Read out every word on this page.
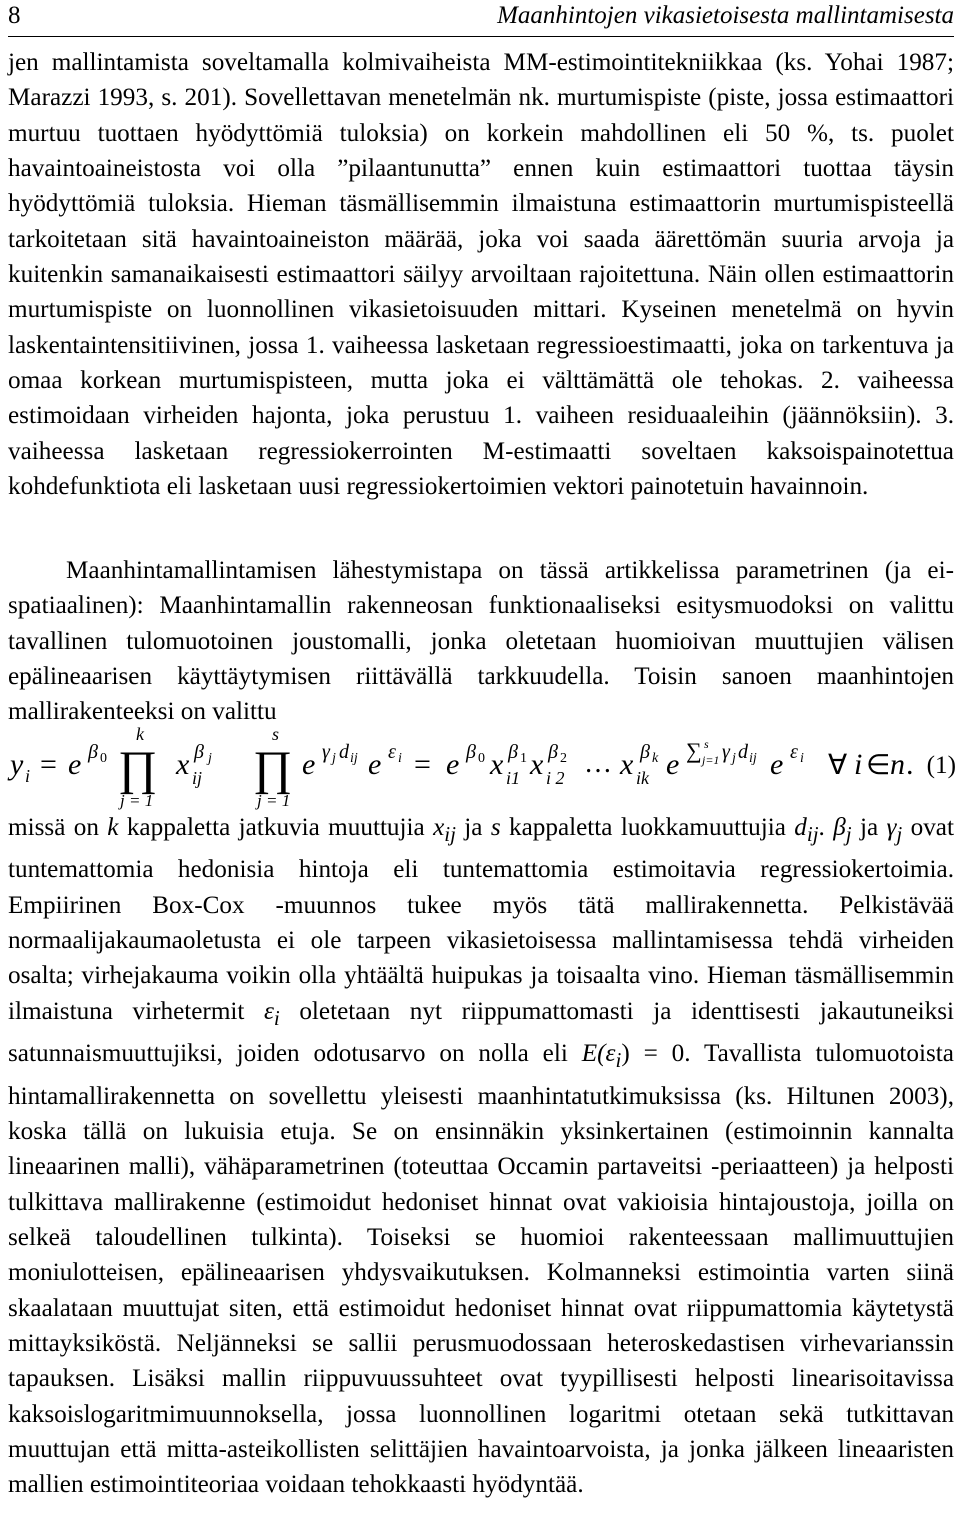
8	Maanhintojen vikasietoisesta mallintamisesta

jen mallintamista soveltamalla kolmivaiheista MM-estimointitekniikkaa (ks. Yohai 1987; Marazzi 1993, s. 201). Sovellettavan menetelmän nk. murtumispiste (piste, jossa estimaattori murtuu tuottaen hyödyttömiä tuloksia) on korkein mahdollinen eli 50 %, ts. puolet havaintoaineistosta voi olla ”pilaantunutta” ennen kuin estimaattori tuottaa täysin hyödyttömiä tuloksia. Hieman täsmällisemmin ilmaistuna estimaattorin murtumispisteellä tarkoitetaan sitä havaintoaineiston määrää, joka voi saada äärettömän suuria arvoja ja kuitenkin samanaikaisesti estimaattori säilyy arvoiltaan rajoitettuna. Näin ollen estimaattorin murtumispiste on luonnollinen vikasietoisuuden mittari. Kyseinen menetelmä on hyvin laskentaintensitiivinen, jossa 1. vaiheessa lasketaan regressioestimaatti, joka on tarkentuva ja omaa korkean murtumispisteen, mutta joka ei välttämättä ole tehokas. 2. vaiheessa estimoidaan virheiden hajonta, joka perustuu 1. vaiheen residuaaleihin (jäännöksiin). 3. vaiheessa lasketaan regressiokerrointen M-estimaatti soveltaen kaksoispainotettua kohdefunktiota eli lasketaan uusi regressiokertoimien vektori painotetuin havainnoin.

Maanhintamallintamisen lähestymistapa on tässä artikkelissa parametrinen (ja ei-spatiaalinen): Maanhintamallin rakenneosan funktionaaliseksi esitysmuodoksi on valittu tavallinen tulomuotoinen joustomalli, jonka oletetaan huomioivan muuttujien välisen epälineaarisen käyttäytymisen riittävällä tarkkuudella. Toisin sanoen maanhintojen mallirakenteeksi on valittu

y i = e β 0
k
∏
j = 1
x ij
β j
s
∏
j = 1
e γ j d ij e ε i = e β 0 x i1
β 1 x i 2
β 2 … x ik
β k e ∑ s
j=1 γ j d ij e ε i ∀ i ∈ n . (1)

missä on k kappaletta jatkuvia muuttujia $x_{ij}$ ja s kappaletta luokkamuuttujia $d_{ij}$. $\beta_j$ ja $\gamma_j$ ovat tuntemattomia hedonisia hintoja eli tuntemattomia estimoitavia regressiokertoimia. Empiirinen Box-Cox -muunnos tukee myös tätä mallirakennetta. Pelkistävää normaalijakaumaoletusta ei ole tarpeen vikasietoisessa mallintamisessa tehdä virheiden osalta; virhejakauma voikin olla yhtäältä huipukas ja toisaalta vino. Hieman täsmällisemmin ilmaistuna virhetermit $\varepsilon_i$ oletetaan nyt riippumattomasti ja identtisesti jakautuneiksi satunnaismuuttujiksi, joiden odotusarvo on nolla eli $E(\varepsilon_i) = 0$. Tavallista tulomuotoista hintamallirakennetta on sovellettu yleisesti maanhintatutkimuksissa (ks. Hiltunen 2003), koska tällä on lukuisia etuja. Se on ensinnäkin yksinkertainen (estimoinnin kannalta lineaarinen malli), vähäparametrinen (toteuttaa Occamin partaveitsi -periaatteen) ja helposti tulkittava mallirakenne (estimoidut hedoniset hinnat ovat vakioisia hintajoustoja, joilla on selkeä taloudellinen tulkinta). Toiseksi se huomioi rakenteessaan mallimuuttujien moniulotteisen, epälineaarisen yhdysvaikutuksen. Kolmanneksi estimointia varten siinä skaalataan muuttujat siten, että estimoidut hedoniset hinnat ovat riippumattomia käytetystä mittayksiköstä. Neljänneksi se sallii perusmuodossaan heteroskedastisen virhevarianssin tapauksen. Lisäksi mallin riippuvuussuhteet ovat tyypillisesti helposti linearisoitavissa kaksoislogaritmimuunnoksella, jossa luonnollinen logaritmi otetaan sekä tutkittavan muuttujan että mitta-asteikollisten selittäjien havaintoarvoista, ja jonka jälkeen lineaaristen mallien estimointiteoriaa voidaan tehokkaasti hyödyntää.
